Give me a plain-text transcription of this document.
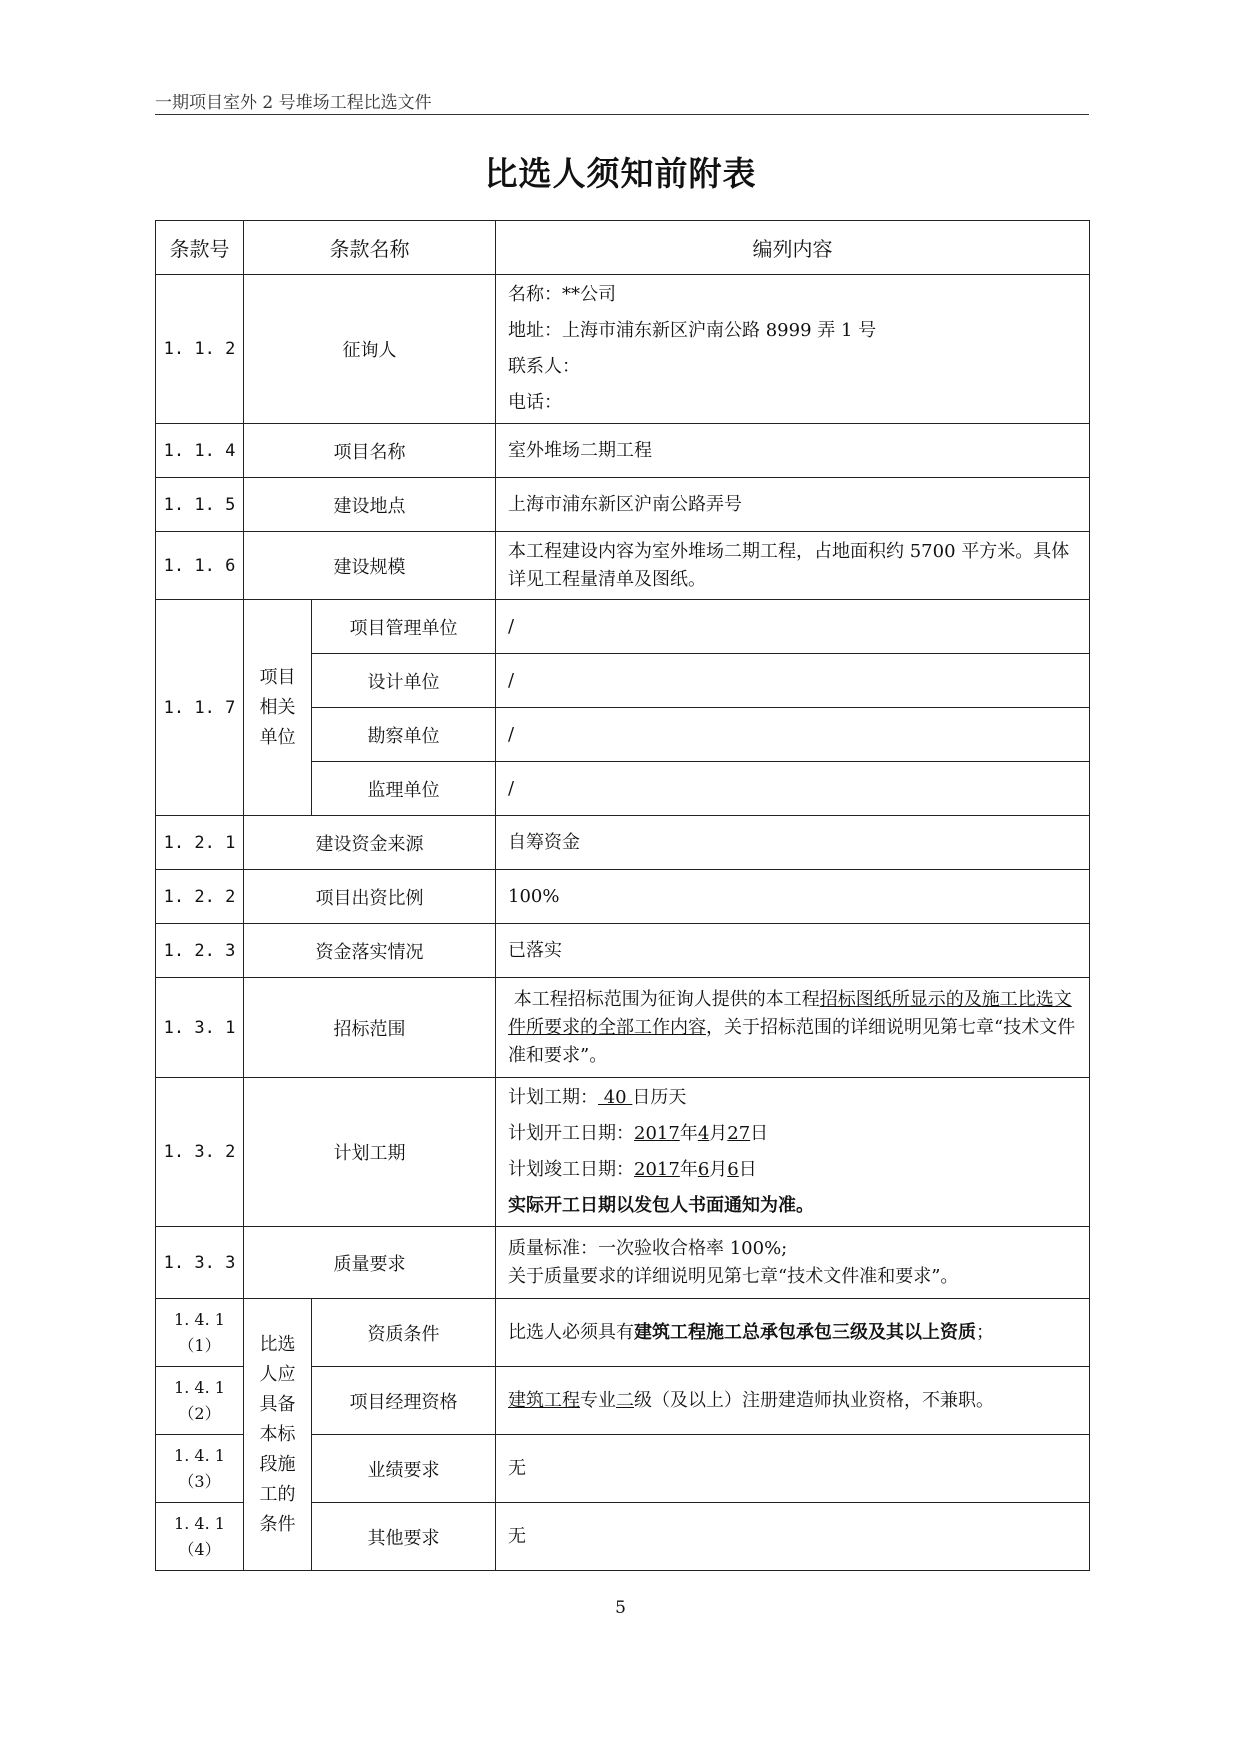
一期项目室外 2 号堆场工程比选文件
比选人须知前附表
条款号	条款名称		编列内容
1. 1. 2	征询人		名称：**公司
地址：上海市浦东新区沪南公路 8999 弄 1 号
联系人：
电话：

1. 1. 4	项目名称		室外堆场二期工程
1. 1. 5	建设地点		上海市浦东新区沪南公路弄号
1. 1. 6	建设规模		本工程建设内容为室外堆场二期工程，占地面积约 5700 平方米。具体详见工程量清单及图纸。
1. 1. 7	项目相关单位	项目管理单位	/
		设计单位	/
		勘察单位	/
		监理单位	/
1. 2. 1	建设资金来源		自筹资金
1. 2. 2	项目出资比例		100%
1. 2. 3	资金落实情况		已落实
1. 3. 1	招标范围		本工程招标范围为征询人提供的本工程招标图纸所显示的及施工比选文件所要求的全部工作内容，关于招标范围的详细说明见第七章“技术文件准和要求”。
1. 3. 2	计划工期		计划工期： 40 日历天
计划开工日期：2017年4月27日
计划竣工日期：2017年6月6日
实际开工日期以发包人书面通知为准。

1. 3. 3	质量要求		质量标准：一次验收合格率 100%;
关于质量要求的详细说明见第七章“技术文件准和要求”。

1. 4. 1
（1）	比选人应具备本标段施工的条件	资质条件	比选人必须具有建筑工程施工总承包承包三级及其以上资质；

1. 4. 1
（2）		项目经理资格	建筑工程专业二级（及以上）注册建造师执业资格，不兼职。

1. 4. 1
（3）		业绩要求	无

1. 4. 1
（4）		其他要求	无
5
